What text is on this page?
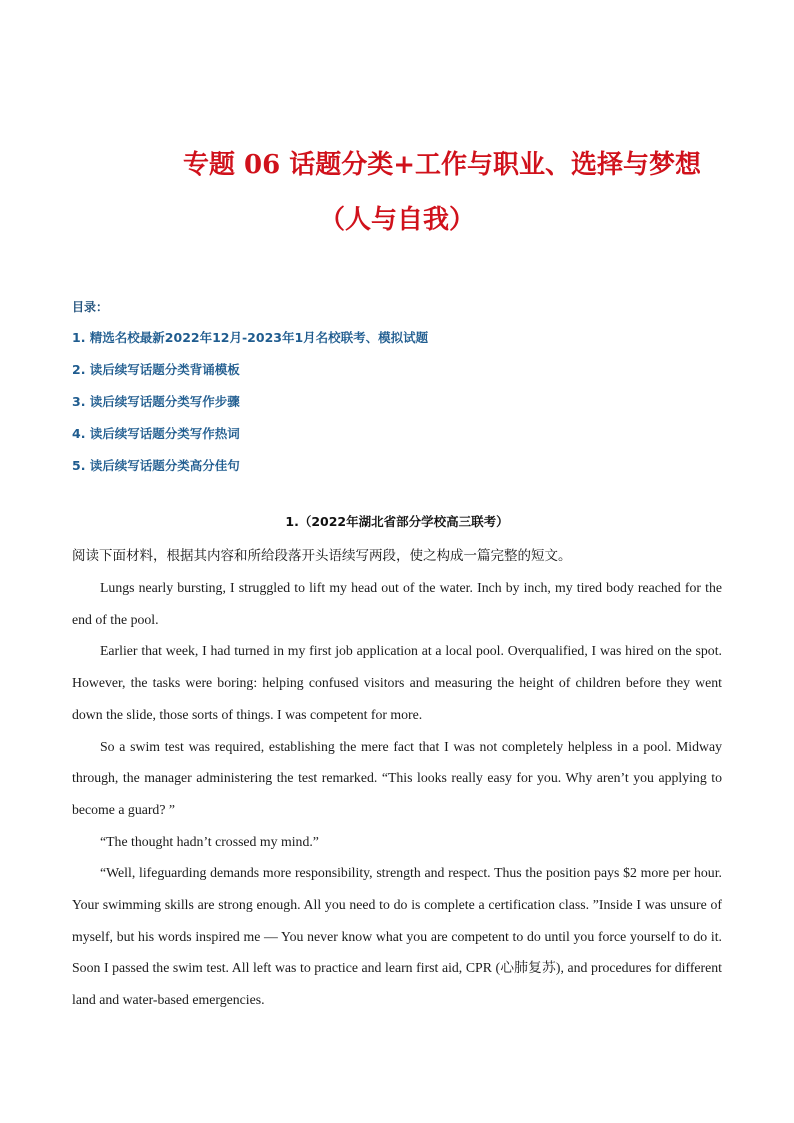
专题 06 话题分类+工作与职业、选择与梦想
（人与自我）

目录：

1. 精选名校最新2022年12月-2023年1月名校联考、模拟试题
2. 读后续写话题分类背诵模板
3. 读后续写话题分类写作步骤
4. 读后续写话题分类写作热词
5. 读后续写话题分类高分佳句

1.（2022年湖北省部分学校高三联考）

阅读下面材料，根据其内容和所给段落开头语续写两段，使之构成一篇完整的短文。

Lungs nearly bursting, I struggled to lift my head out of the water. Inch by inch, my tired body reached for the end of the pool.

Earlier that week, I had turned in my first job application at a local pool. Overqualified, I was hired on the spot. However, the tasks were boring: helping confused visitors and measuring the height of children before they went down the slide, those sorts of things. I was competent for more.

So a swim test was required, establishing the mere fact that I was not completely helpless in a pool. Midway through, the manager administering the test remarked. “This looks really easy for you. Why aren’t you applying to become a guard? ”

“The thought hadn’t crossed my mind.”

“Well, lifeguarding demands more responsibility, strength and respect. Thus the position pays $2 more per hour. Your swimming skills are strong enough. All you need to do is complete a certification class. ”Inside I was unsure of myself, but his words inspired me — You never know what you are competent to do until you force yourself to do it. Soon I passed the swim test. All left was to practice and learn first aid, CPR (心肺复苏), and procedures for different land and water-based emergencies.
